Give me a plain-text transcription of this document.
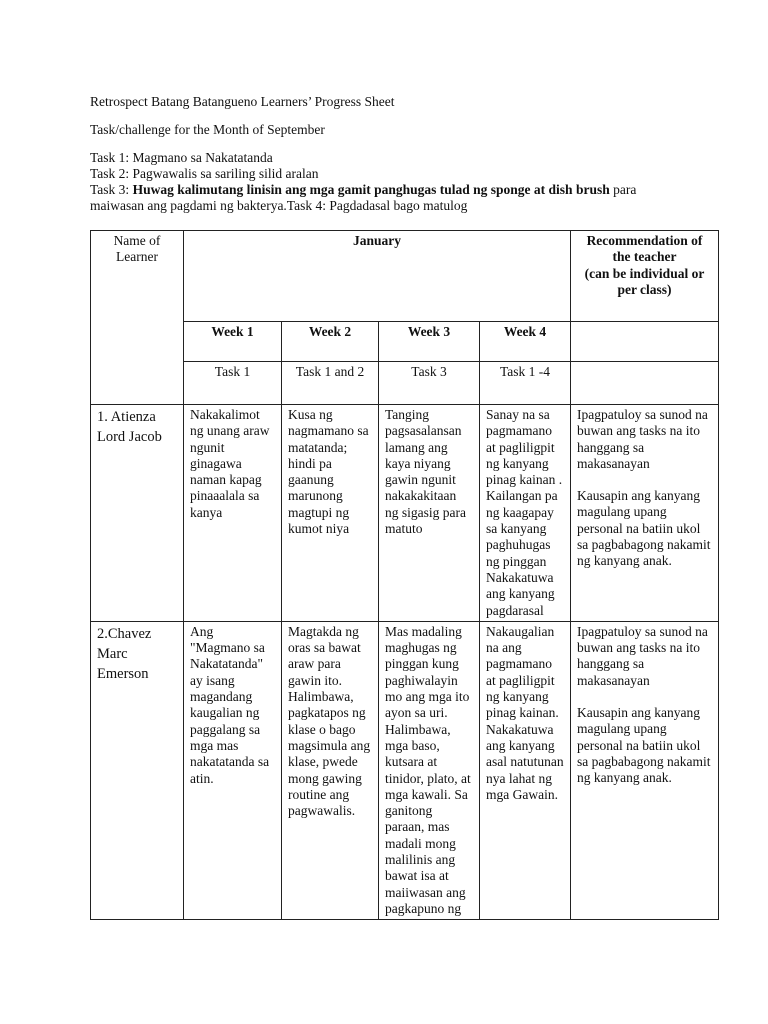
Retrospect Batang Batangueno Learners’ Progress Sheet
Task/challenge for the Month of September
Task 1: Magmano sa Nakatatanda
Task 2: Pagwawalis sa sariling silid aralan
Task 3: Huwag kalimutang linisin ang mga gamit panghugas tulad ng sponge at dish brush para
maiwasan ang pagdami ng bakterya.Task 4: Pagdadasal bago matulog
Name of Learner	January				Recommendation of the teacher
(can be individual or per class)

	Week 1	Week 2	Week 3	Week 4	
	Task 1	Task 1 and 2	Task 3	Task 1 -4	
1. Atienza Lord Jacob	Nakakalimot ng unang araw ngunit ginagawa naman kapag pinaaalala sa kanya	Kusa ng nagmamano sa matatanda; hindi pa gaanung marunong magtupi ng kumot niya	Tanging pagsasalansan lamang ang kaya niyang gawin ngunit nakakakitaan ng sigasig para matuto	Sanay na sa pagmamano at pagliligpit ng kanyang pinag kainan . Kailangan pa ng kaagapay sa kanyang paghuhugas ng pinggan Nakakatuwa ang kanyang pagdarasal	Ipagpatuloy sa sunod na buwan ang tasks na ito hanggang sa makasanayan

Kausapin ang kanyang magulang upang personal na batiin ukol sa pagbabagong nakamit ng kanyang anak.

2.Chavez Marc Emerson	Ang "Magmano sa Nakatatanda" ay isang magandang kaugalian ng paggalang sa mga mas nakatatanda sa atin.	Magtakda ng oras sa bawat araw para gawin ito. Halimbawa, pagkatapos ng klase o bago magsimula ang klase, pwede mong gawing routine ang pagwawalis.	Mas madaling maghugas ng pinggan kung paghiwalayin mo ang mga ito ayon sa uri. Halimbawa, mga baso, kutsara at tinidor, plato, at mga kawali. Sa ganitong paraan, mas madali mong malilinis ang bawat isa at maiiwasan ang pagkapuno ng	Nakaugalian na ang pagmamano at pagliligpit ng kanyang pinag kainan. Nakakatuwa ang kanyang asal natutunan nya lahat ng mga Gawain.	Ipagpatuloy sa sunod na buwan ang tasks na ito hanggang sa makasanayan

Kausapin ang kanyang magulang upang personal na batiin ukol sa pagbabagong nakamit ng kanyang anak.
